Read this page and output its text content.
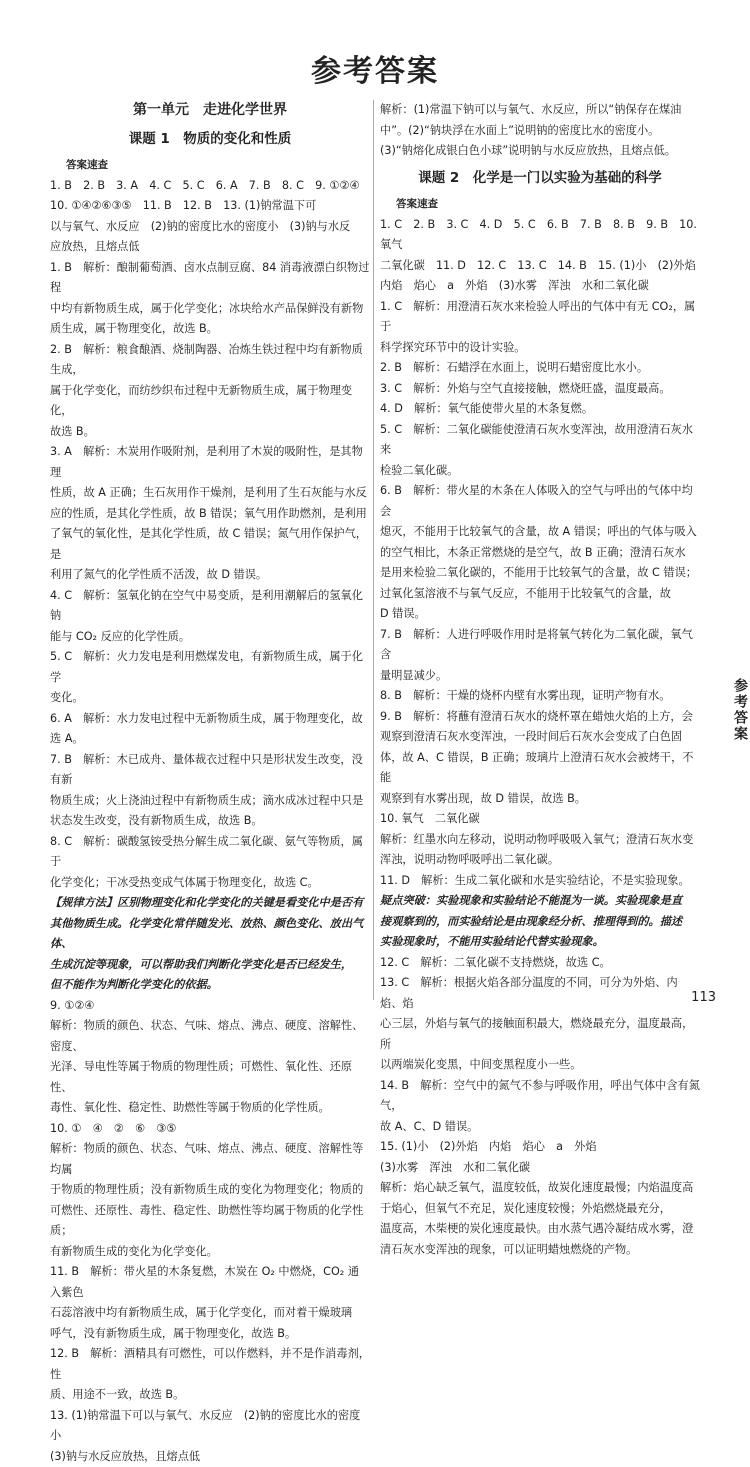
参考答案
第一单元　走进化学世界
课题 1　物质的变化和性质
答案速查
1. B　2. B　3. A　4. C　5. C　6. A　7. B　8. C　9. ①②④
10. ①④②⑥③⑤　11. B　12. B　13. (1)钠常温下可
以与氧气、水反应　(2)钠的密度比水的密度小　(3)钠与水反
应放热，且熔点低
1. B　解析：酿制葡萄酒、卤水点制豆腐、84 消毒液漂白织物过程
中均有新物质生成，属于化学变化；冰块给水产品保鲜没有新物
质生成，属于物理变化，故选 B。
2. B　解析：粮食酿酒、烧制陶器、冶炼生铁过程中均有新物质生成，
属于化学变化，而纺纱织布过程中无新物质生成，属于物理变化，
故选 B。
3. A　解析：木炭用作吸附剂，是利用了木炭的吸附性，是其物理
性质，故 A 正确；生石灰用作干燥剂，是利用了生石灰能与水反
应的性质，是其化学性质，故 B 错误；氧气用作助燃剂，是利用
了氧气的氧化性，是其化学性质，故 C 错误；氮气用作保护气，是
利用了氮气的化学性质不活泼，故 D 错误。
4. C　解析：氢氧化钠在空气中易变质，是利用潮解后的氢氧化钠
能与 CO₂ 反应的化学性质。
5. C　解析：火力发电是利用燃煤发电，有新物质生成，属于化学
变化。
6. A　解析：水力发电过程中无新物质生成，属于物理变化，故选 A。
7. B　解析：木已成舟、量体裁衣过程中只是形状发生改变，没有新
物质生成；火上浇油过程中有新物质生成；滴水成冰过程中只是
状态发生改变，没有新物质生成，故选 B。
8. C　解析：碳酸氢铵受热分解生成二氧化碳、氨气等物质，属于
化学变化；干冰受热变成气体属于物理变化，故选 C。
【规律方法】区别物理变化和化学变化的关键是看变化中是否有
其他物质生成。化学变化常伴随发光、放热、颜色变化、放出气体、
生成沉淀等现象，可以帮助我们判断化学变化是否已经发生，
但不能作为判断化学变化的依据。
9. ①②④
解析：物质的颜色、状态、气味、熔点、沸点、硬度、溶解性、密度、
光泽、导电性等属于物质的物理性质；可燃性、氧化性、还原性、
毒性、氧化性、稳定性、助燃性等属于物质的化学性质。
10. ①　④　②　⑥　③⑤
解析：物质的颜色、状态、气味、熔点、沸点、硬度、溶解性等均属
于物质的物理性质；没有新物质生成的变化为物理变化；物质的
可燃性、还原性、毒性、稳定性、助燃性等均属于物质的化学性质；
有新物质生成的变化为化学变化。
11. B　解析：带火星的木条复燃，木炭在 O₂ 中燃烧，CO₂ 通入紫色
石蕊溶液中均有新物质生成，属于化学变化，而对着干燥玻璃
呼气，没有新物质生成，属于物理变化，故选 B。
12. B　解析：酒精具有可燃性，可以作燃料，并不是作消毒剂，性
质、用途不一致，故选 B。
13. (1)钠常温下可以与氧气、水反应　(2)钠的密度比水的密度小
(3)钠与水反应放热，且熔点低
解析：(1)常温下钠可以与氧气、水反应，所以“钠保存在煤油
中”。(2)“钠块浮在水面上”说明钠的密度比水的密度小。
(3)“钠熔化成银白色小球”说明钠与水反应放热，且熔点低。
课题 2　化学是一门以实验为基础的科学
答案速查
1. C　2. B　3. C　4. D　5. C　6. B　7. B　8. B　9. B　10. 氧气
二氧化碳　11. D　12. C　13. C　14. B　15. (1)小　(2)外焰
内焰　焰心　a　外焰　(3)水雾　浑浊　水和二氧化碳
1. C　解析：用澄清石灰水来检验人呼出的气体中有无 CO₂，属于
科学探究环节中的设计实验。
2. B　解析：石蜡浮在水面上，说明石蜡密度比水小。
3. C　解析：外焰与空气直接接触，燃烧旺盛，温度最高。
4. D　解析：氧气能使带火星的木条复燃。
5. C　解析：二氧化碳能使澄清石灰水变浑浊，故用澄清石灰水来
检验二氧化碳。
6. B　解析：带火星的木条在人体吸入的空气与呼出的气体中均会
熄灭，不能用于比较氧气的含量，故 A 错误；呼出的气体与吸入
的空气相比，木条正常燃烧的是空气，故 B 正确；澄清石灰水
是用来检验二氧化碳的，不能用于比较氧气的含量，故 C 错误；
过氧化氢溶液不与氧气反应，不能用于比较氧气的含量，故
D 错误。
7. B　解析：人进行呼吸作用时是将氧气转化为二氧化碳，氧气含
量明显减少。
8. B　解析：干燥的烧杯内壁有水雾出现，证明产物有水。
9. B　解析：将蘸有澄清石灰水的烧杯罩在蜡烛火焰的上方，会
观察到澄清石灰水变浑浊，一段时间后石灰水会变成了白色固
体，故 A、C 错误，B 正确；玻璃片上澄清石灰水会被烤干，不能
观察到有水雾出现，故 D 错误，故选 B。
10. 氧气　二氧化碳
解析：红墨水向左移动，说明动物呼吸吸入氧气；澄清石灰水变
浑浊，说明动物呼吸呼出二氧化碳。
11. D　解析：生成二氧化碳和水是实验结论，不是实验现象。
疑点突破：实验现象和实验结论不能混为一谈。实验现象是直
接观察到的，而实验结论是由现象经分析、推理得到的。描述
实验现象时，不能用实验结论代替实验现象。
12. C　解析：二氧化碳不支持燃烧，故选 C。
13. C　解析：根据火焰各部分温度的不同，可分为外焰、内焰、焰
心三层，外焰与氧气的接触面积最大，燃烧最充分，温度最高，所
以两端炭化变黑，中间变黑程度小一些。
14. B　解析：空气中的氮气不参与呼吸作用，呼出气体中含有氮气，
故 A、C、D 错误。
15. (1)小　(2)外焰　内焰　焰心　a　外焰
(3)水雾　浑浊　水和二氧化碳
解析：焰心缺乏氧气，温度较低，故炭化速度最慢；内焰温度高
于焰心，但氧气不充足，炭化速度较慢；外焰燃烧最充分，
温度高，木柴梗的炭化速度最快。由水蒸气遇冷凝结成水雾，澄
清石灰水变浑浊的现象，可以证明蜡烛燃烧的产物。
参考答案
113
